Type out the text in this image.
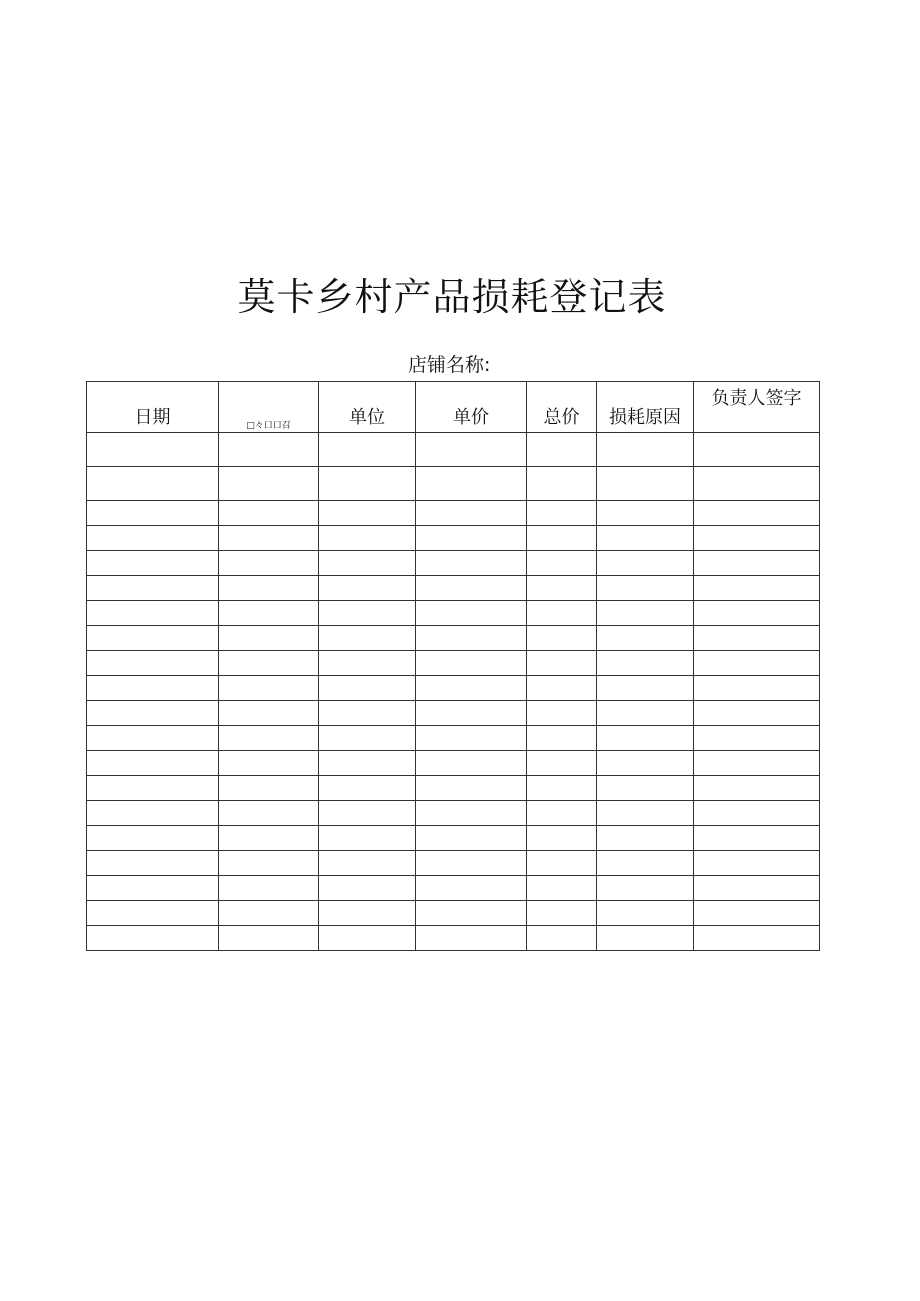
莫卡乡村产品损耗登记表
店铺名称:
日期	□々口口召	单位	单价	总价	损耗原因	负责人签字
